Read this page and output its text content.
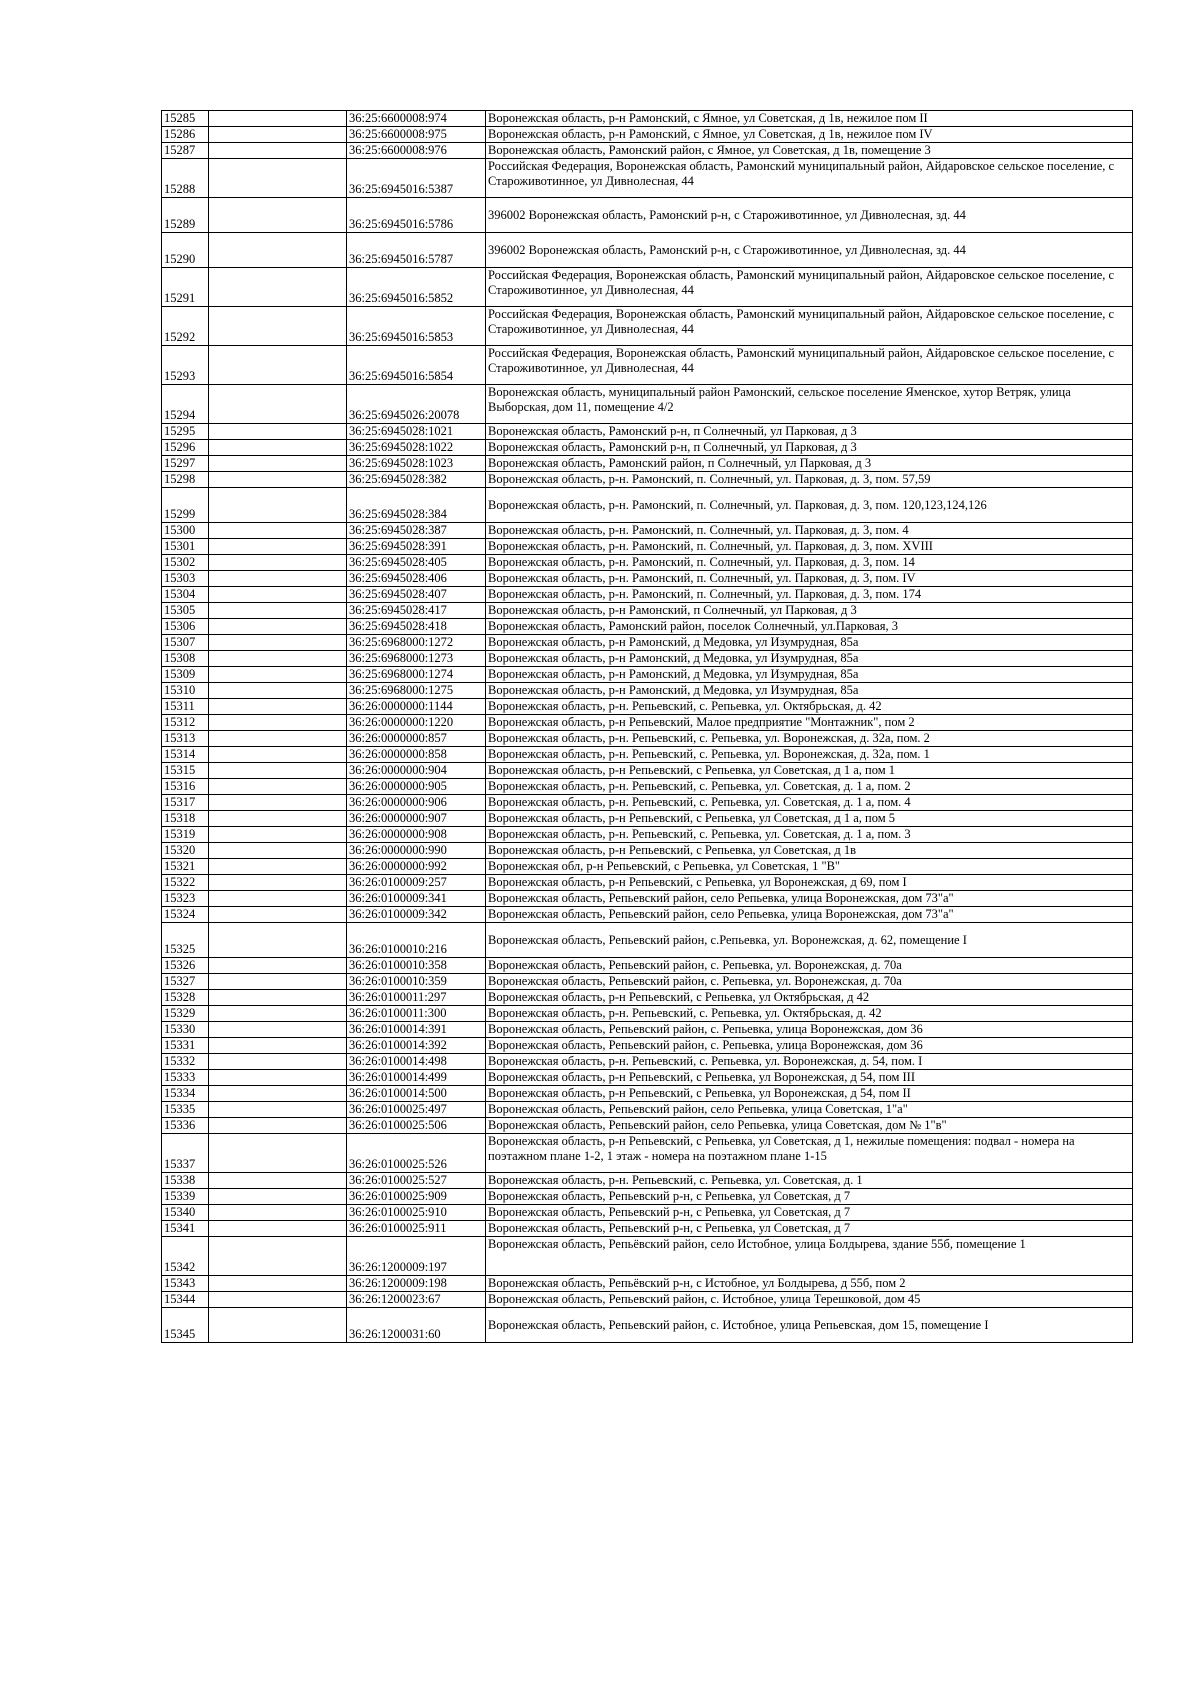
15285		36:25:6600008:974	Воронежская область, р-н Рамонский, с Ямное, ул Советская, д 1в, нежилое пом II
15286		36:25:6600008:975	Воронежская область, р-н Рамонский, с Ямное, ул Советская, д 1в, нежилое пом IV
15287		36:25:6600008:976	Воронежская область, Рамонский район, с Ямное, ул Советская, д 1в, помещение 3
15288		36:25:6945016:5387	Российская Федерация, Воронежская область, Рамонский муниципальный район, Айдаровское сельское поселение, с Староживотинное, ул Дивнолесная, 44
15289		36:25:6945016:5786	396002 Воронежская область, Рамонский р-н, с Староживотинное, ул Дивнолесная, зд. 44
15290		36:25:6945016:5787	396002 Воронежская область, Рамонский р-н, с Староживотинное, ул Дивнолесная, зд. 44
15291		36:25:6945016:5852	Российская Федерация, Воронежская область, Рамонский муниципальный район, Айдаровское сельское поселение, с Староживотинное, ул Дивнолесная, 44
15292		36:25:6945016:5853	Российская Федерация, Воронежская область, Рамонский муниципальный район, Айдаровское сельское поселение, с Староживотинное, ул Дивнолесная, 44
15293		36:25:6945016:5854	Российская Федерация, Воронежская область, Рамонский муниципальный район, Айдаровское сельское поселение, с Староживотинное, ул Дивнолесная, 44
15294		36:25:6945026:20078	Воронежская область, муниципальный район Рамонский, сельское поселение Яменское, хутор Ветряк, улица Выборская, дом 11, помещение 4/2
15295		36:25:6945028:1021	Воронежская область, Рамонский р-н, п Солнечный, ул Парковая, д 3
15296		36:25:6945028:1022	Воронежская область, Рамонский р-н, п Солнечный, ул Парковая, д 3
15297		36:25:6945028:1023	Воронежская область, Рамонский район, п Солнечный, ул Парковая, д 3
15298		36:25:6945028:382	Воронежская область, р-н. Рамонский, п. Солнечный, ул. Парковая, д. 3, пом. 57,59
15299		36:25:6945028:384	Воронежская область, р-н. Рамонский, п. Солнечный, ул. Парковая, д. 3, пом. 120,123,124,126
15300		36:25:6945028:387	Воронежская область, р-н. Рамонский, п. Солнечный, ул. Парковая, д. 3, пом. 4
15301		36:25:6945028:391	Воронежская область, р-н. Рамонский, п. Солнечный, ул. Парковая, д. 3, пом. XVIII
15302		36:25:6945028:405	Воронежская область, р-н. Рамонский, п. Солнечный, ул. Парковая, д. 3, пом. 14
15303		36:25:6945028:406	Воронежская область, р-н. Рамонский, п. Солнечный, ул. Парковая, д. 3, пом. IV
15304		36:25:6945028:407	Воронежская область, р-н. Рамонский, п. Солнечный, ул. Парковая, д. 3, пом. 174
15305		36:25:6945028:417	Воронежская область, р-н Рамонский, п Солнечный, ул Парковая, д 3
15306		36:25:6945028:418	Воронежская область, Рамонский район, поселок Солнечный, ул.Парковая, 3
15307		36:25:6968000:1272	Воронежская область, р-н Рамонский, д Медовка, ул Изумрудная, 85а
15308		36:25:6968000:1273	Воронежская область, р-н Рамонский, д Медовка, ул Изумрудная, 85а
15309		36:25:6968000:1274	Воронежская область, р-н Рамонский, д Медовка, ул Изумрудная, 85а
15310		36:25:6968000:1275	Воронежская область, р-н Рамонский, д Медовка, ул Изумрудная, 85а
15311		36:26:0000000:1144	Воронежская область, р-н. Репьевский, с. Репьевка, ул. Октябрьская, д. 42
15312		36:26:0000000:1220	Воронежская область, р-н Репьевский, Малое предприятие "Монтажник", пом 2
15313		36:26:0000000:857	Воронежская область, р-н. Репьевский, с. Репьевка, ул. Воронежская, д. 32а, пом. 2
15314		36:26:0000000:858	Воронежская область, р-н. Репьевский, с. Репьевка, ул. Воронежская, д. 32а, пом. 1
15315		36:26:0000000:904	Воронежская область, р-н Репьевский, с Репьевка, ул Советская, д 1 а, пом 1
15316		36:26:0000000:905	Воронежская область, р-н. Репьевский, с. Репьевка, ул. Советская, д. 1 а, пом. 2
15317		36:26:0000000:906	Воронежская область, р-н. Репьевский, с. Репьевка, ул. Советская, д. 1 а, пом. 4
15318		36:26:0000000:907	Воронежская область, р-н Репьевский, с Репьевка, ул Советская, д 1 а, пом 5
15319		36:26:0000000:908	Воронежская область, р-н. Репьевский, с. Репьевка, ул. Советская, д. 1 а, пом. 3
15320		36:26:0000000:990	Воронежская область, р-н Репьевский, с Репьевка, ул Советская, д 1в
15321		36:26:0000000:992	Воронежская обл, р-н Репьевский, с Репьевка, ул Советская, 1 "В"
15322		36:26:0100009:257	Воронежская область, р-н Репьевский, с Репьевка, ул Воронежская, д 69, пом I
15323		36:26:0100009:341	Воронежская область, Репьевский район, село Репьевка, улица Воронежская, дом 73"а"
15324		36:26:0100009:342	Воронежская область, Репьевский район, село Репьевка, улица Воронежская, дом 73"а"
15325		36:26:0100010:216	Воронежская область, Репьевский район, с.Репьевка, ул. Воронежская, д. 62, помещение I
15326		36:26:0100010:358	Воронежская область, Репьевский район, с. Репьевка, ул. Воронежская, д. 70а
15327		36:26:0100010:359	Воронежская область, Репьевский район, с. Репьевка, ул. Воронежская, д. 70а
15328		36:26:0100011:297	Воронежская область, р-н Репьевский, с Репьевка, ул Октябрьская, д 42
15329		36:26:0100011:300	Воронежская область, р-н. Репьевский, с. Репьевка, ул. Октябрьская, д. 42
15330		36:26:0100014:391	Воронежская область, Репьевский район, с. Репьевка, улица Воронежская, дом 36
15331		36:26:0100014:392	Воронежская область, Репьевский район, с. Репьевка, улица Воронежская, дом 36
15332		36:26:0100014:498	Воронежская область, р-н. Репьевский, с. Репьевка, ул. Воронежская, д. 54, пом. I
15333		36:26:0100014:499	Воронежская область, р-н Репьевский, с Репьевка, ул Воронежская, д 54, пом III
15334		36:26:0100014:500	Воронежская область, р-н Репьевский, с Репьевка, ул Воронежская, д 54, пом II
15335		36:26:0100025:497	Воронежская область, Репьевский район, село Репьевка, улица Советская, 1"а"
15336		36:26:0100025:506	Воронежская область, Репьевский район, село Репьевка, улица Советская, дом № 1"в"
15337		36:26:0100025:526	Воронежская область, р-н Репьевский, с Репьевка, ул Советская, д 1, нежилые помещения: подвал - номера на поэтажном плане 1-2, 1 этаж - номера на поэтажном плане 1-15
15338		36:26:0100025:527	Воронежская область, р-н. Репьевский, с. Репьевка, ул. Советская, д. 1
15339		36:26:0100025:909	Воронежская область, Репьевский р-н, с Репьевка, ул Советская, д 7
15340		36:26:0100025:910	Воронежская область, Репьевский р-н, с Репьевка, ул Советская, д 7
15341		36:26:0100025:911	Воронежская область, Репьевский р-н, с Репьевка, ул Советская, д 7
15342		36:26:1200009:197	Воронежская область, Репьёвский район, село Истобное, улица Болдырева, здание 55б, помещение 1
15343		36:26:1200009:198	Воронежская область, Репьёвский р-н, с Истобное, ул Болдырева, д 55б, пом 2
15344		36:26:1200023:67	Воронежская область, Репьевский район, с. Истобное, улица Терешковой, дом 45
15345		36:26:1200031:60	Воронежская область, Репьевский район, с. Истобное, улица Репьевская, дом 15, помещение I
